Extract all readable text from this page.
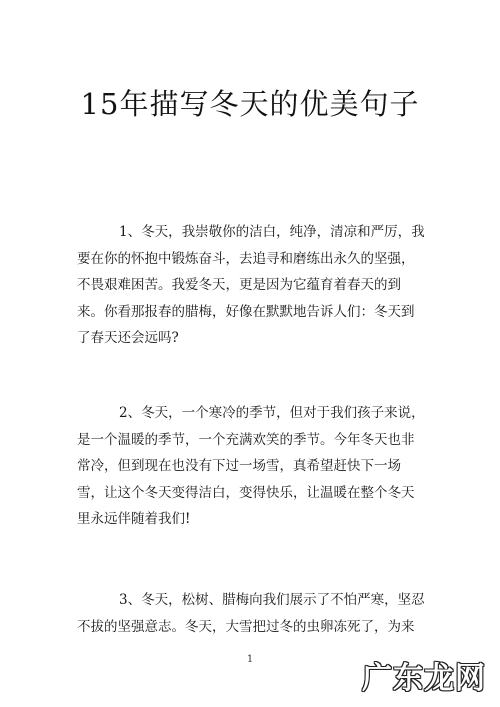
15年描写冬天的优美句子
1、冬天，我崇敬你的洁白，纯净，清凉和严厉，我
要在你的怀抱中锻炼奋斗，去追寻和磨练出永久的坚强，
不畏艰难困苦。我爱冬天，更是因为它蕴育着春天的到
来。你看那报春的腊梅，好像在默默地告诉人们：冬天到
了春天还会远吗?
2、冬天，一个寒冷的季节，但对于我们孩子来说，
是一个温暖的季节，一个充满欢笑的季节。今年冬天也非
常冷，但到现在也没有下过一场雪，真希望赶快下一场
雪，让这个冬天变得洁白，变得快乐，让温暖在整个冬天
里永远伴随着我们!
3、冬天，松树、腊梅向我们展示了不怕严寒，坚忍
不拔的坚强意志。冬天，大雪把过冬的虫卵冻死了，为来
1
广东龙网
